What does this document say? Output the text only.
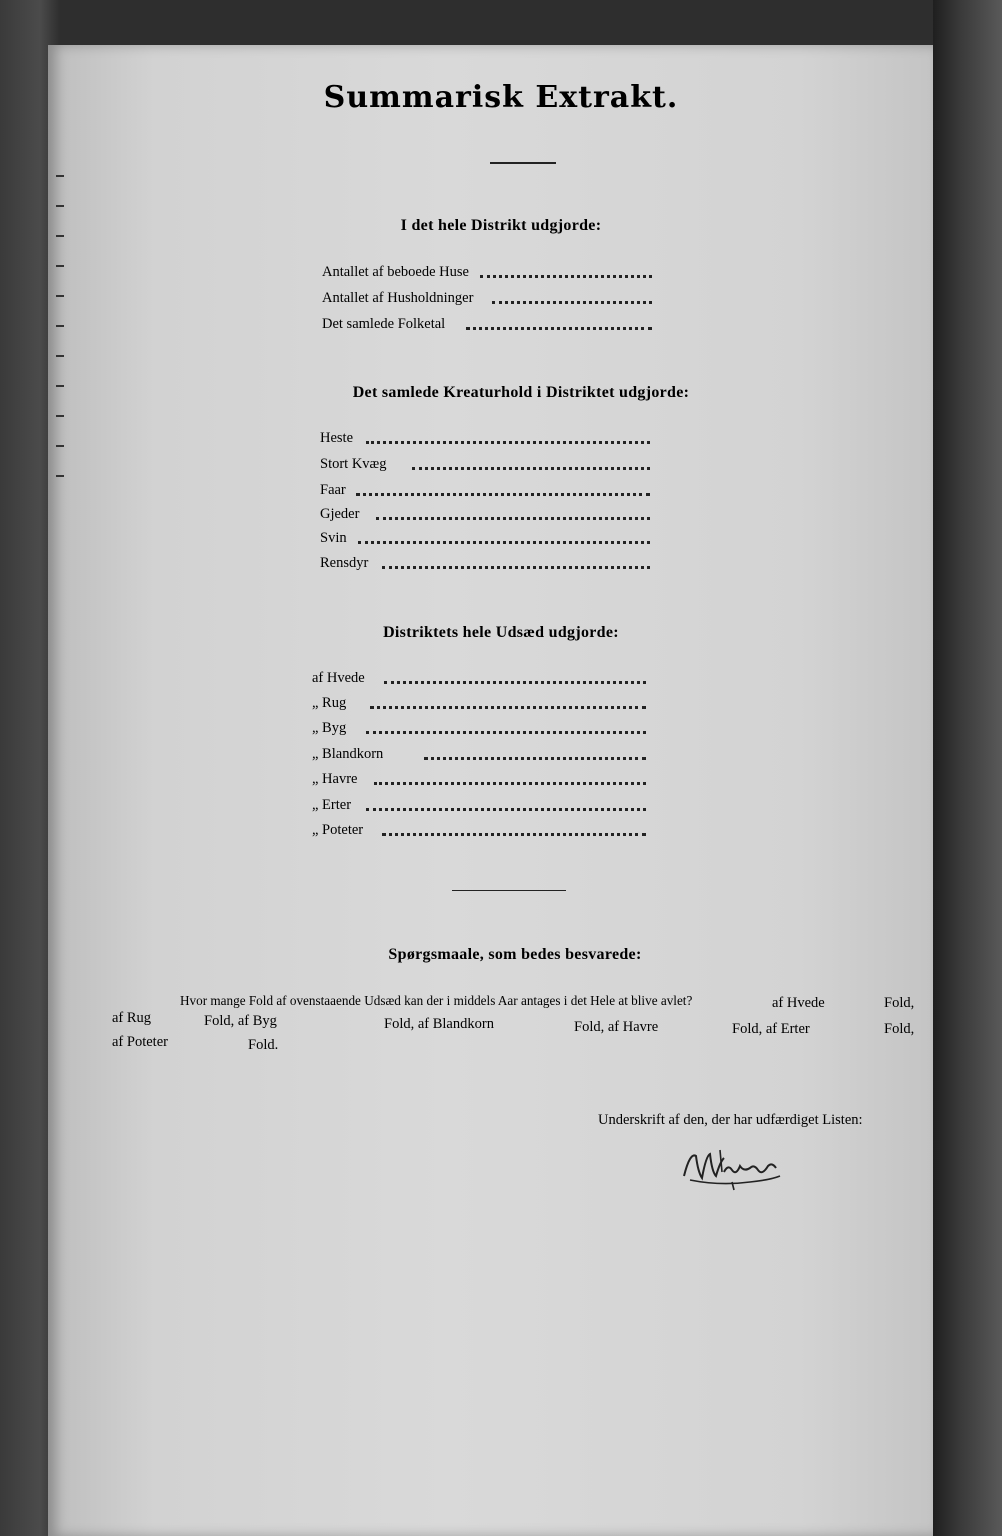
Summarisk Extrakt.
I det hele Distrikt udgjorde:
Antallet af beboede Huse
Antallet af Husholdninger
Det samlede Folketal
Det samlede Kreaturhold i Distriktet udgjorde:
Heste
Stort Kvæg
Faar
Gjeder
Svin
Rensdyr
Distriktets hele Udsæd udgjorde:
af Hvede
„ Rug
„ Byg
„ Blandkorn
„ Havre
„ Erter
„ Poteter
Spørgsmaale, som bedes besvarede:
Hvor mange Fold af ovenstaaende Udsæd kan der i middels Aar antages i det Hele at blive avlet?	af Hvede	Fold,
af Rug	Fold, af Byg	Fold, af Blandkorn	Fold, af Havre	Fold, af Erter	Fold,
af Poteter	Fold.
Underskrift af den, der har udfærdiget Listen:
